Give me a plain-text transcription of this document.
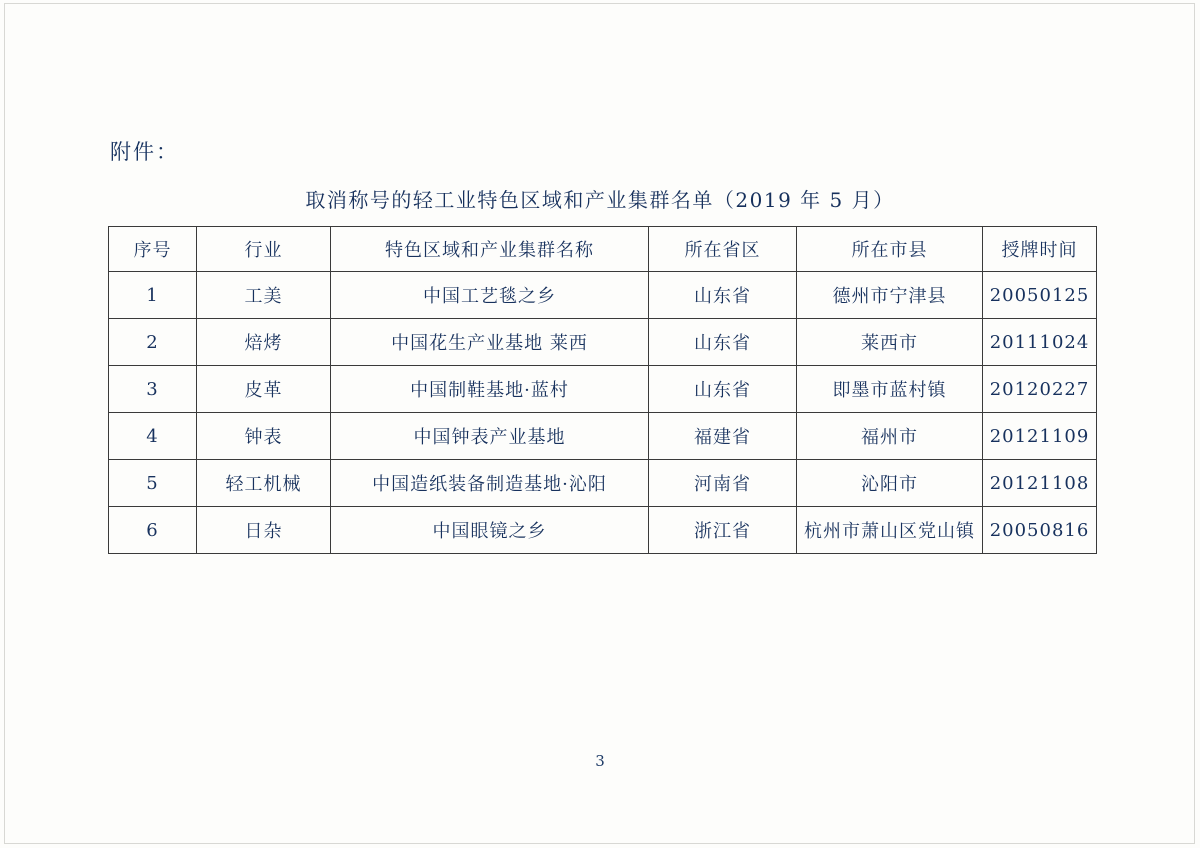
附件：
取消称号的轻工业特色区域和产业集群名单（2019 年 5 月）
序号	行业	特色区域和产业集群名称	所在省区	所在市县	授牌时间
1	工美	中国工艺毯之乡	山东省	德州市宁津县	20050125
2	焙烤	中国花生产业基地 莱西	山东省	莱西市	20111024
3	皮革	中国制鞋基地·蓝村	山东省	即墨市蓝村镇	20120227
4	钟表	中国钟表产业基地	福建省	福州市	20121109
5	轻工机械	中国造纸装备制造基地·沁阳	河南省	沁阳市	20121108
6	日杂	中国眼镜之乡	浙江省	杭州市萧山区党山镇	20050816
3
